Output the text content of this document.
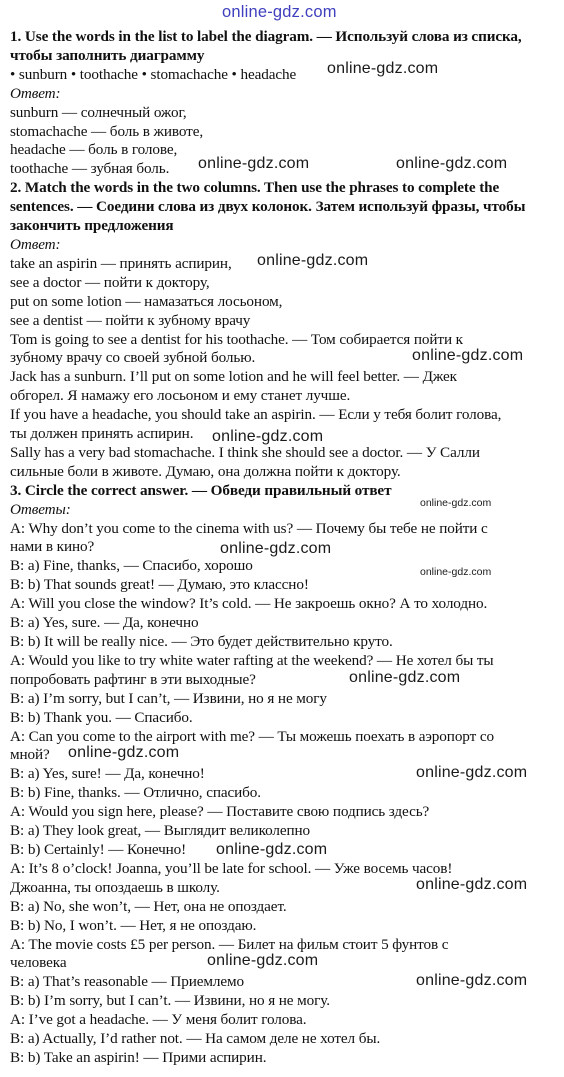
online-gdz.com
1. Use the words in the list to label the diagram. — Используй слова из списка, чтобы заполнить диаграмму
• sunburn • toothache • stomachache • headache
Ответ:
sunburn — солнечный ожог,
stomachache — боль в животе,
headache — боль в голове,
toothache — зубная боль.
2. Match the words in the two columns. Then use the phrases to complete the sentences. — Соедини слова из двух колонок. Затем используй фразы, чтобы закончить предложения
Ответ:
take an aspirin — принять аспирин,
see a doctor — пойти к доктору,
put on some lotion — намазаться лосьоном,
see a dentist — пойти к зубному врачу
Tom is going to see a dentist for his toothache. — Том собирается пойти к
зубному врачу со своей зубной болью.
Jack has a sunburn. I’ll put on some lotion and he will feel better. — Джек
обгорел. Я намажу его лосьоном и ему станет лучше.
If you have a headache, you should take an aspirin. — Если у тебя болит голова,
ты должен принять аспирин.
Sally has a very bad stomachache. I think she should see a doctor. — У Салли
сильные боли в животе. Думаю, она должна пойти к доктору.
3. Circle the correct answer. — Обведи правильный ответ
Ответы:
A: Why don’t you come to the cinema with us? — Почему бы тебе не пойти с
нами в кино?
B: a) Fine, thanks, — Спасибо, хорошо
B: b) That sounds great! — Думаю, это классно!
A: Will you close the window? It’s cold. — Не закроешь окно? А то холодно.
B: a) Yes, sure. — Да, конечно
B: b) It will be really nice. — Это будет действительно круто.
A: Would you like to try white water rafting at the weekend? — Не хотел бы ты
попробовать рафтинг в эти выходные?
B: a) I’m sorry, but I can’t, — Извини, но я не могу
B: b) Thank you. — Спасибо.
A: Can you come to the airport with me? — Ты можешь поехать в аэропорт со
мной?
B: a) Yes, sure! — Да, конечно!
B: b) Fine, thanks. — Отлично, спасибо.
A: Would you sign here, please? — Поставите свою подпись здесь?
B: a) They look great, — Выглядит великолепно
B: b) Certainly! — Конечно!
A: It’s 8 o’clock! Joanna, you’ll be late for school. — Уже восемь часов!
Джоанна, ты опоздаешь в школу.
B: a) No, she won’t, — Нет, она не опоздает.
B: b) No, I won’t. — Нет, я не опоздаю.
A: The movie costs £5 per person. — Билет на фильм стоит 5 фунтов с
человека
B: a) That’s reasonable — Приемлемо
B: b) I’m sorry, but I can’t. — Извини, но я не могу.
A: I’ve got a headache. — У меня болит голова.
B: a) Actually, I’d rather not. — На самом деле не хотел бы.
B: b) Take an aspirin! — Прими аспирин.
online-gdz.com
online-gdz.com	online-gdz.com
online-gdz.com
online-gdz.com
online-gdz.com
online-gdz.com
online-gdz.com
online-gdz.com
online-gdz.com
online-gdz.com
online-gdz.com
online-gdz.com
online-gdz.com
online-gdz.com
online-gdz.com
